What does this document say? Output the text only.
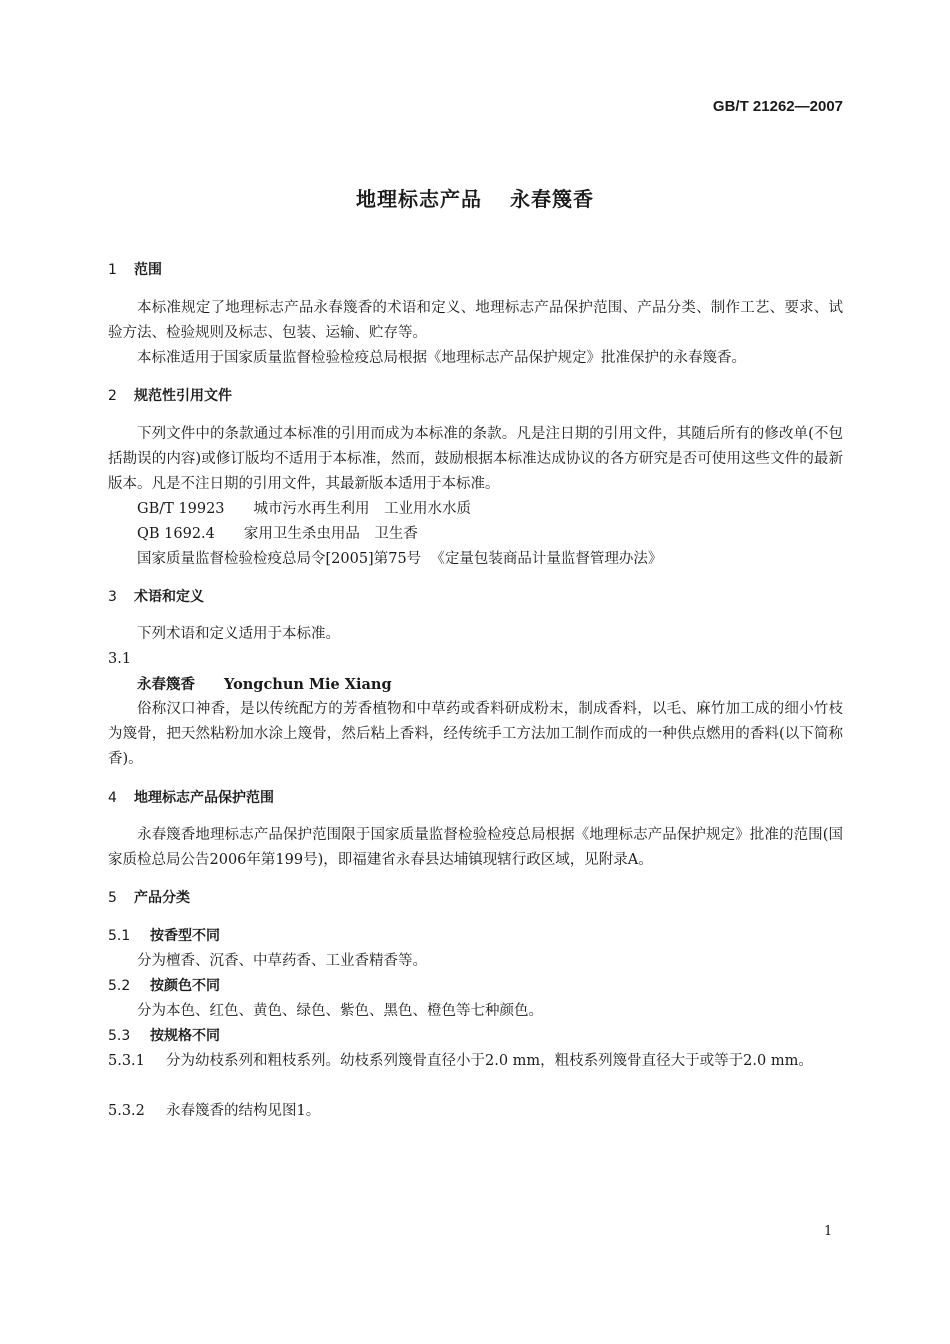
GB/T 21262—2007
地理标志产品 永春篾香
1 范围
本标准规定了地理标志产品永春篾香的术语和定义、地理标志产品保护范围、产品分类、制作工艺、要求、试验方法、检验规则及标志、包装、运输、贮存等。
本标准适用于国家质量监督检验检疫总局根据《地理标志产品保护规定》批准保护的永春篾香。
2 规范性引用文件
下列文件中的条款通过本标准的引用而成为本标准的条款。凡是注日期的引用文件，其随后所有的修改单(不包括勘误的内容)或修订版均不适用于本标准，然而，鼓励根据本标准达成协议的各方研究是否可使用这些文件的最新版本。凡是不注日期的引用文件，其最新版本适用于本标准。
GB/T 19923 城市污水再生利用　工业用水水质
QB 1692.4 家用卫生杀虫用品　卫生香
国家质量监督检验检疫总局令[2005]第75号 《定量包装商品计量监督管理办法》
3 术语和定义
下列术语和定义适用于本标准。
3.1
永春篾香 Yongchun Mie Xiang
俗称汉口神香，是以传统配方的芳香植物和中草药或香料研成粉末，制成香料，以毛、麻竹加工成的细小竹枝为篾骨，把天然粘粉加水涂上篾骨，然后粘上香料，经传统手工方法加工制作而成的一种供点燃用的香料(以下简称香)。
4 地理标志产品保护范围
永春篾香地理标志产品保护范围限于国家质量监督检验检疫总局根据《地理标志产品保护规定》批准的范围(国家质检总局公告2006年第199号)，即福建省永春县达埔镇现辖行政区域，见附录A。
5 产品分类
5.1 按香型不同
分为檀香、沉香、中草药香、工业香精香等。
5.2 按颜色不同
分为本色、红色、黄色、绿色、紫色、黑色、橙色等七种颜色。
5.3 按规格不同
5.3.1 分为幼枝系列和粗枝系列。幼枝系列篾骨直径小于2.0 mm，粗枝系列篾骨直径大于或等于2.0 mm。
5.3.2 永春篾香的结构见图1。
1
